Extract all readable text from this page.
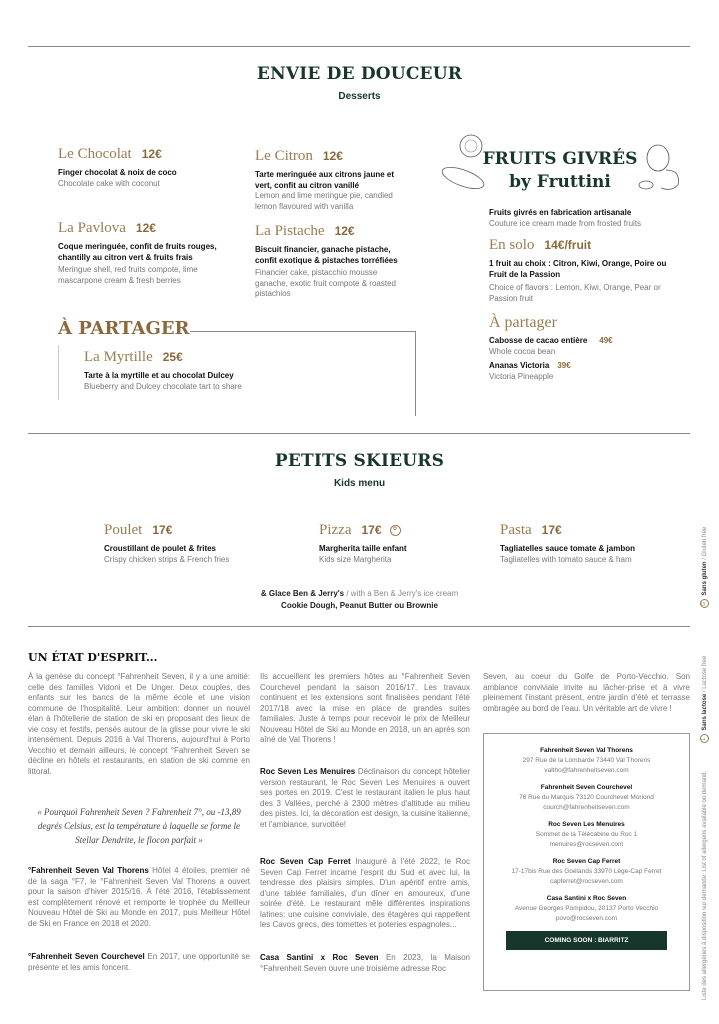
ENVIE DE DOUCEUR
Desserts
Le Chocolat 12€
Finger chocolat & noix de coco
Chocolate cake with coconut
La Pavlova 12€
Coque meringuée, confit de fruits rouges, chantilly au citron vert & fruits frais
Meringue shell, red fruits compote, lime mascarpone cream & fresh berries
Le Citron 12€
Tarte meringuée aux citrons jaune et vert, confit au citron vanillé
Lemon and lime meringue pie, candied lemon flavoured with vanilla
La Pistache 12€
Biscuit financier, ganache pistache, confit exotique & pistaches torréfiées
Financier cake, pistacchio mousse ganache, exotic fruit compote & roasted pistachios
À PARTAGER
La Myrtille 25€
Tarte à la myrtille et au chocolat Dulcey
Blueberry and Dulcey chocolate tart to share
FRUITS GIVRÉS
by Fruttini
Fruits givrés en fabrication artisanale
Couture ice cream made from frosted fruits
En solo 14€/fruit
1 fruit au choix : Citron, Kiwi, Orange, Poire ou Fruit de la Passion
Choice of flavors : Lemon, Kiwi, Orange, Pear or Passion fruit
À partager
Cabosse de cacao entière 49€
Whole cocoa bean
Ananas Victoria 39€
Victoria Pineapple
PETITS SKIEURS
Kids menu
Poulet 17€
Croustillant de poulet & frites
Crispy chicken strips & French fries
Pizza 17€ ✿
Margherita taille enfant
Kids size Margherita
Pasta 17€
Tagliatelles sauce tomate & jambon
Tagliatelles with tomato sauce & ham
& Glace Ben & Jerry's / with a Ben & Jerry's ice cream
Cookie Dough, Peanut Butter ou Brownie
UN ÉTAT D'ESPRIT...
À la genèse du concept °Fahrenheit Seven, il y a une amitié: celle des familles Vidoni et De Unger. Deux couples, des enfants sur les bancs de la même école et une vision commune de l'hospitalité. Leur ambition: donner un nouvel élan à l'hôtellerie de station de ski en proposant des lieux de vie cosy et festifs, pensés autour de la glisse pour vivre le ski intensément. Depuis 2016 à Val Thorens, aujourd'hui à Porto Vecchio et demain ailleurs, le concept °Fahrenheit Seven se décline en hôtels et restaurants, en station de ski comme en littoral.
« Pourquoi Fahrenheit Seven ? Fahrenheit 7°, ou -13,89 degrés Celsius, est la température à laquelle se forme le Stellar Dendrite, le flocon parfait »
°Fahrenheit Seven Val Thorens Hôtel 4 étoiles, premier né de la saga °F7, le °Fahrenheit Seven Val Thorens a ouvert pour la saison d'hiver 2015/16. À l'été 2016, l'établissement est complètement rénové et remporte le trophée du Meilleur Nouveau Hôtel de Ski au Monde en 2017, puis Meilleur Hôtel de Ski en France en 2018 et 2020.
°Fahrenheit Seven Courchevel En 2017, une opportunité se présente et les amis foncent.
Ils accueillent les premiers hôtes au °Fahrenheit Seven Courchevel pendant la saison 2016/17. Les travaux continuent et les extensions sont finalisées pendant l'été 2017/18 avec la mise en place de grandes suites familiales. Juste à temps pour recevoir le prix de Meilleur Nouveau Hôtel de Ski au Monde en 2018, un an après son aîné de Val Thorens !
Roc Seven Les Menuires Déclinaison du concept hôtelier version restaurant, le Roc Seven Les Menuires a ouvert ses portes en 2019. C'est le restaurant italien le plus haut des 3 Vallées, perché à 2300 mètres d'altitude au milieu des pistes. Ici, la décoration est design, la cuisine italienne, et l'ambiance, survoltée!
Roc Seven Cap Ferret Inauguré à l'été 2022, le Roc Seven Cap Ferret incarne l'esprit du Sud et avec lui, la tendresse des plaisirs simples. D'un apéritif entre amis, d'une tablée familiales, d'un dîner en amoureux, d'une soirée d'été. Le restaurant mêle différentes inspirations latines: une cuisine conviviale, des étagères qui rappellent les Cavos grecs, des tomettes et poteries espagnoles...
Casa Santini x Roc Seven En 2023, la Maison °Fahrenheit Seven ouvre une troisième adresse Roc
Seven, au coeur du Golfe de Porto-Vecchio. Son ambiance conviviale invite au lâcher-prise et à vivre pleinement l'instant présent, entre jardin d'été et terrasse ombragée au bord de l'eau. Un véritable art de vivre !
Fahrenheit Seven Val Thorens
297 Rue de la Lombarde 73440 Val Thorens
valtho@fahrenheitseven.com
Fahrenheit Seven Courchevel
76 Rue du Marquis 73120 Courchevel Moriond
courch@fahrenheitseven.com
Roc Seven Les Menuires
Sommet de la Télécabine du Roc 1
menuires@rocseven.com
Roc Seven Cap Ferret
17-17bis Rue des Goélands 33970 Lège-Cap Ferret
capferret@rocseven.com
Casa Santini x Roc Seven
Avenue Georges Pompidou, 20137 Porto Vecchio
povo@rocseven.com
COMING SOON : BIARRITZ	Liste des allergènes à disposition sur demande. List of allergens available on demand.  LSans lactose / Lactose free  GSans gluten / Gluten free
